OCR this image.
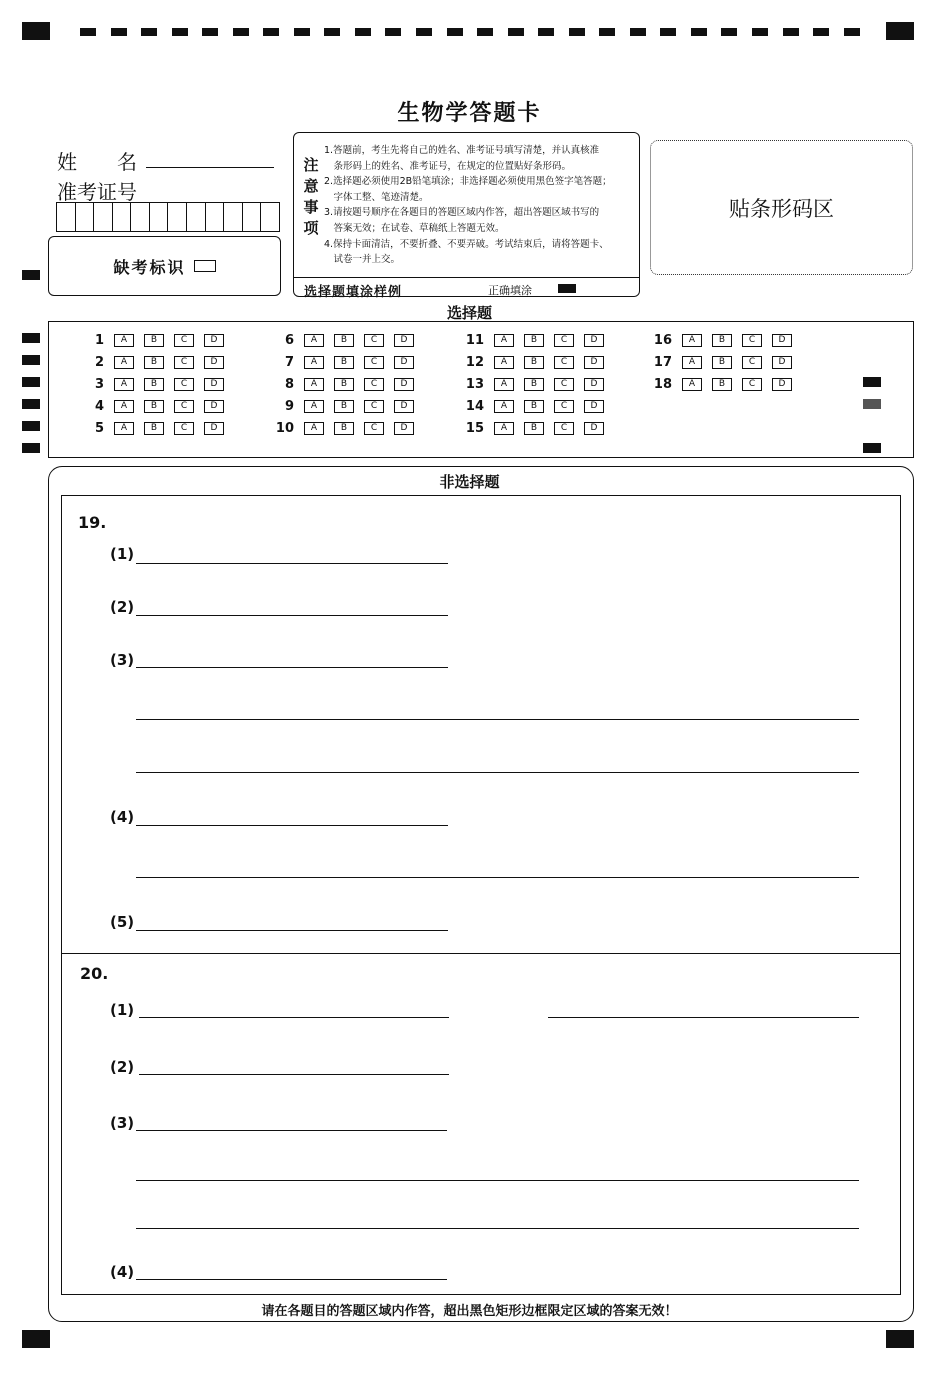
生物学答题卡
姓　　名
准考证号
缺考标识
注
意
事
项
1.答题前，考生先将自己的姓名、准考证号填写清楚，并认真核准
　条形码上的姓名、准考证号，在规定的位置贴好条形码。
2.选择题必须使用2B铅笔填涂；非选择题必须使用黑色签字笔答题；
　字体工整、笔迹清楚。
3.请按题号顺序在各题目的答题区域内作答，超出答题区域书写的
　答案无效；在试卷、草稿纸上答题无效。
4.保持卡面清洁，不要折叠、不要弄破。考试结束后，请将答题卡、
　试卷一并上交。
选择题填涂样例	正确填涂
贴条形码区
选择题
1	A	B	C	D
2	A	B	C	D
3	A	B	C	D
4	A	B	C	D
5	A	B	C	D
6	A	B	C	D
7	A	B	C	D
8	A	B	C	D
9	A	B	C	D
10	A	B	C	D
11	A	B	C	D
12	A	B	C	D
13	A	B	C	D
14	A	B	C	D
15	A	B	C	D
16	A	B	C	D
17	A	B	C	D
18	A	B	C	D
非选择题
19.
(1)
(2)
(3)
(4)
(5)
20.
(1)
(2)
(3)
(4)
请在各题目的答题区域内作答，超出黑色矩形边框限定区域的答案无效！
